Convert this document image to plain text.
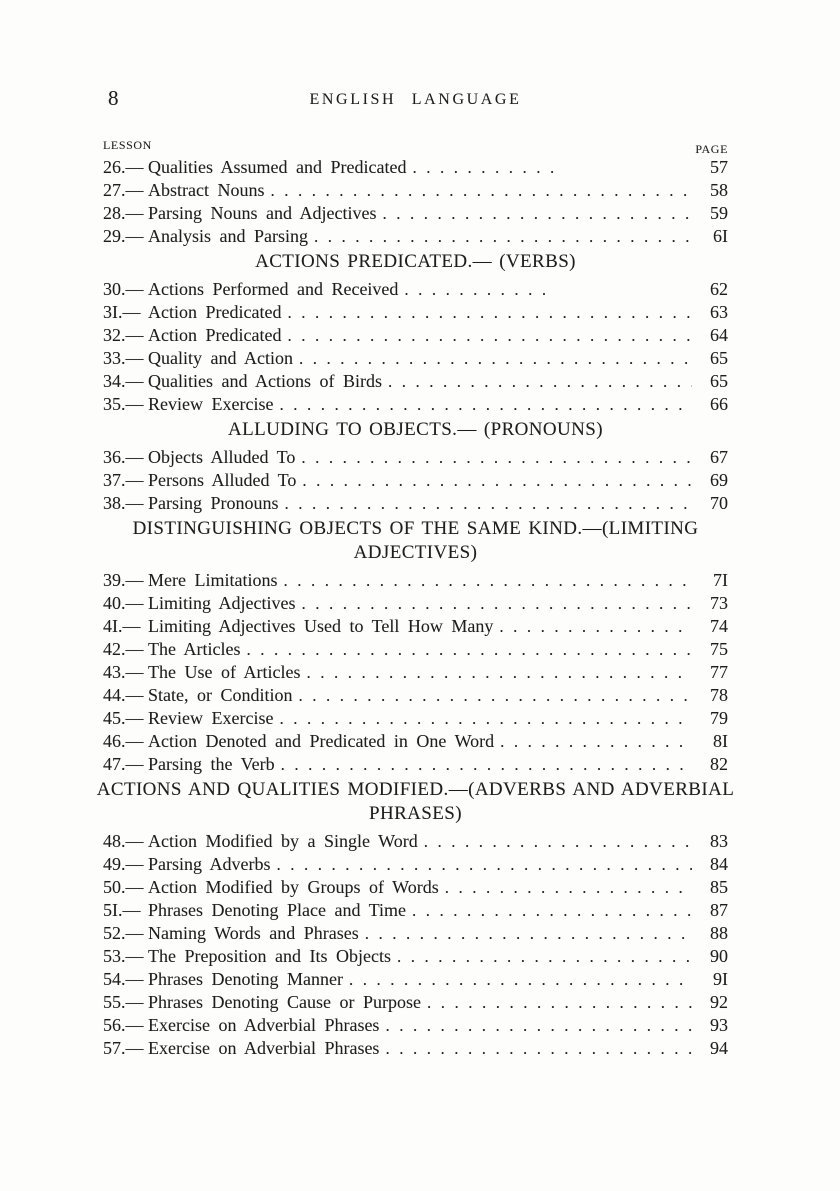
8	ENGLISH LANGUAGE
LESSON	PAGE
26.— Qualities Assumed and Predicated .....	57
27.— Abstract Nouns .....	58
28.— Parsing Nouns and Adjectives .....	59
29.— Analysis and Parsing .....	6I
ACTIONS PREDICATED.— (VERBS)
30.— Actions Performed and Received .....	62
3I.— Action Predicated .....	63
32.— Action Predicated .....	64
33.— Quality and Action .....	65
34.— Qualities and Actions of Birds .....	65
35.— Review Exercise .....	66
ALLUDING TO OBJECTS.— (PRONOUNS)
36.— Objects Alluded To .....	67
37.— Persons Alluded To .....	69
38.— Parsing Pronouns .....	70
DISTINGUISHING OBJECTS OF THE SAME KIND.—(LIMITING ADJECTIVES)
39.— Mere Limitations .....	7I
40.— Limiting Adjectives .....	73
4I.— Limiting Adjectives Used to Tell How Many .....	74
42.— The Articles .....	75
43.— The Use of Articles .....	77
44.— State, or Condition .....	78
45.— Review Exercise .....	79
46.— Action Denoted and Predicated in One Word .....	8I
47.— Parsing the Verb .....	82
ACTIONS AND QUALITIES MODIFIED.—(ADVERBS AND ADVERBIAL PHRASES)
48.— Action Modified by a Single Word .....	83
49.— Parsing Adverbs .....	84
50.— Action Modified by Groups of Words .....	85
5I.— Phrases Denoting Place and Time .....	87
52.— Naming Words and Phrases .....	88
53.— The Preposition and Its Objects .....	90
54.— Phrases Denoting Manner .....	9I
55.— Phrases Denoting Cause or Purpose .....	92
56.— Exercise on Adverbial Phrases .....	93
57.— Exercise on Adverbial Phrases .....	94
